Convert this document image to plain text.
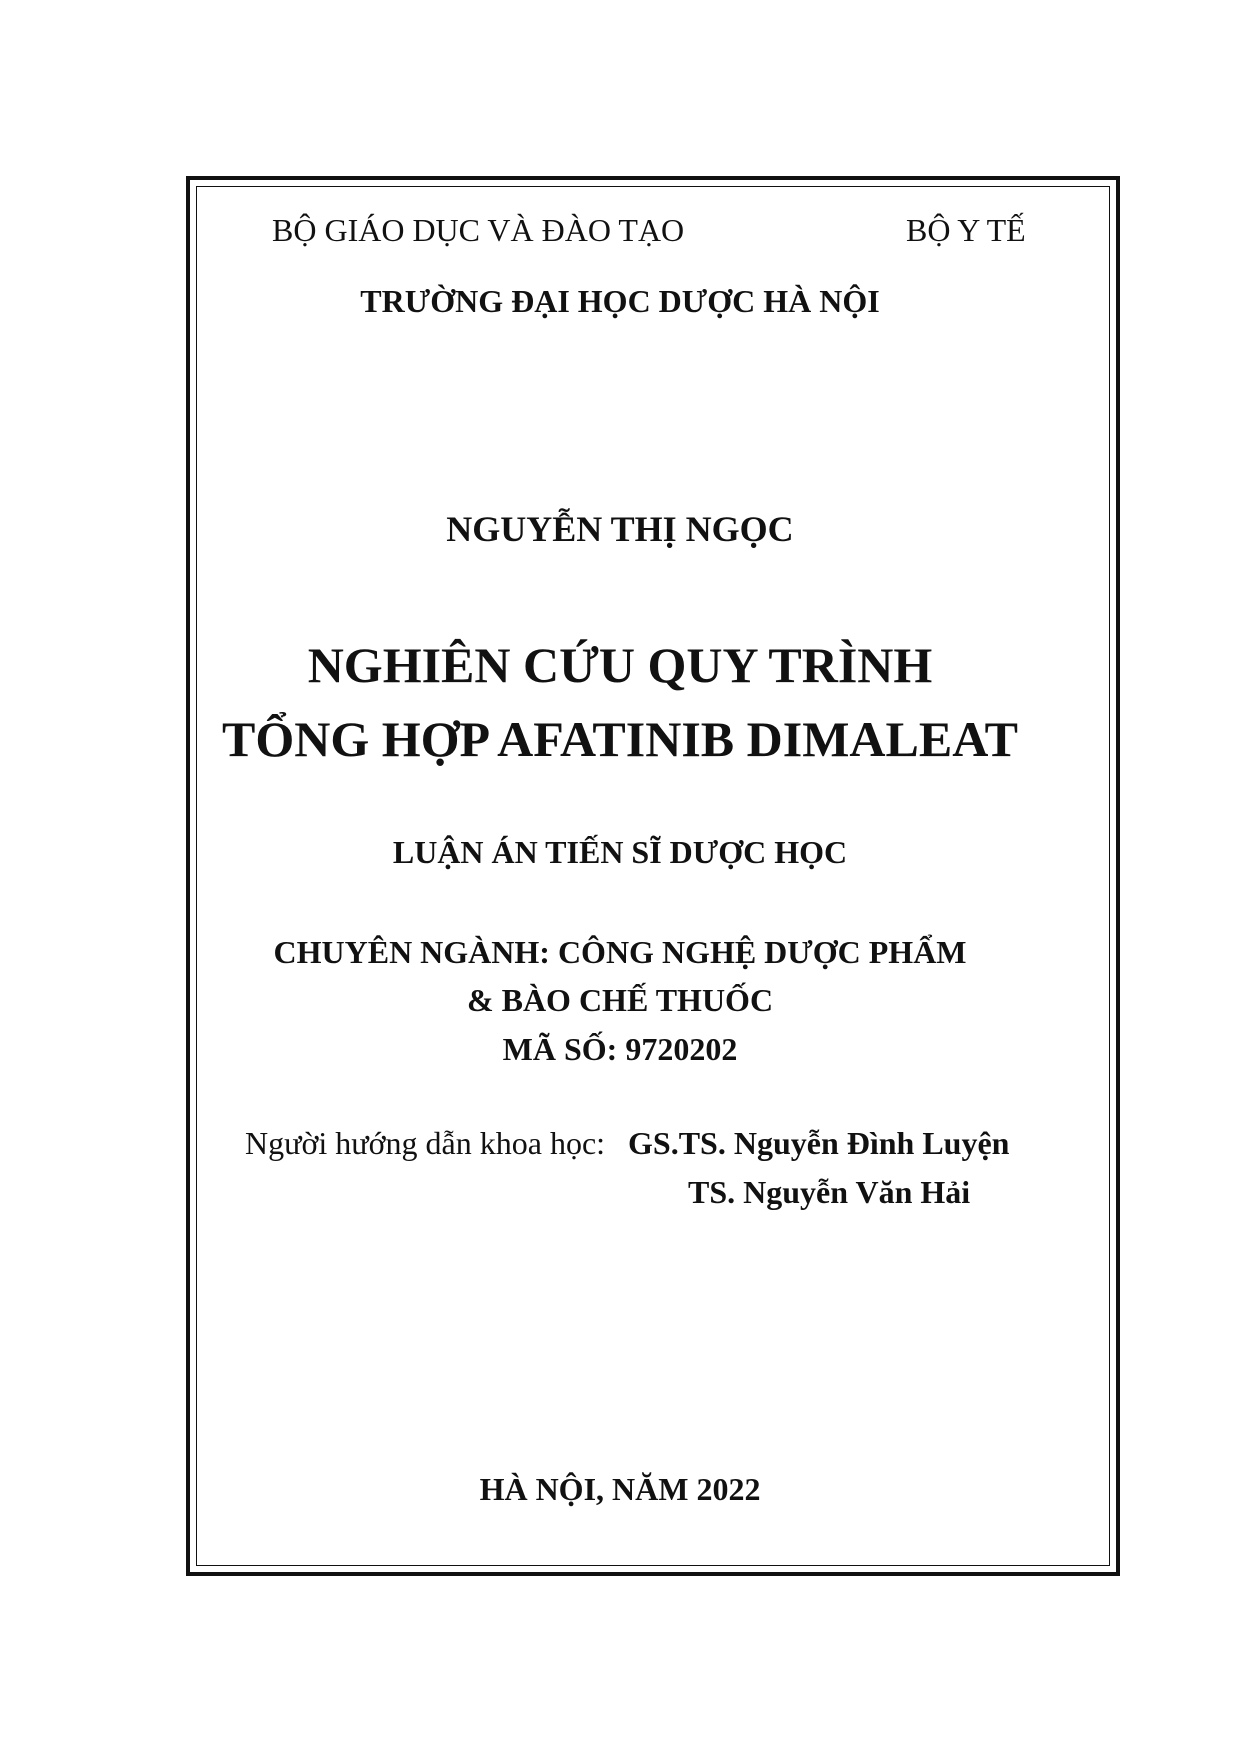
BỘ GIÁO DỤC VÀ ĐÀO TẠO	BỘ Y TẾ
TRƯỜNG ĐẠI HỌC DƯỢC HÀ NỘI
NGUYỄN THỊ NGỌC
NGHIÊN CỨU QUY TRÌNH
TỔNG HỢP AFATINIB DIMALEAT
LUẬN ÁN TIẾN SĨ DƯỢC HỌC
CHUYÊN NGÀNH: CÔNG NGHỆ DƯỢC PHẨM
& BÀO CHẾ THUỐC
MÃ SỐ: 9720202
Người hướng dẫn khoa học: GS.TS. Nguyễn Đình Luyện
TS. Nguyễn Văn Hải
HÀ NỘI, NĂM 2022
